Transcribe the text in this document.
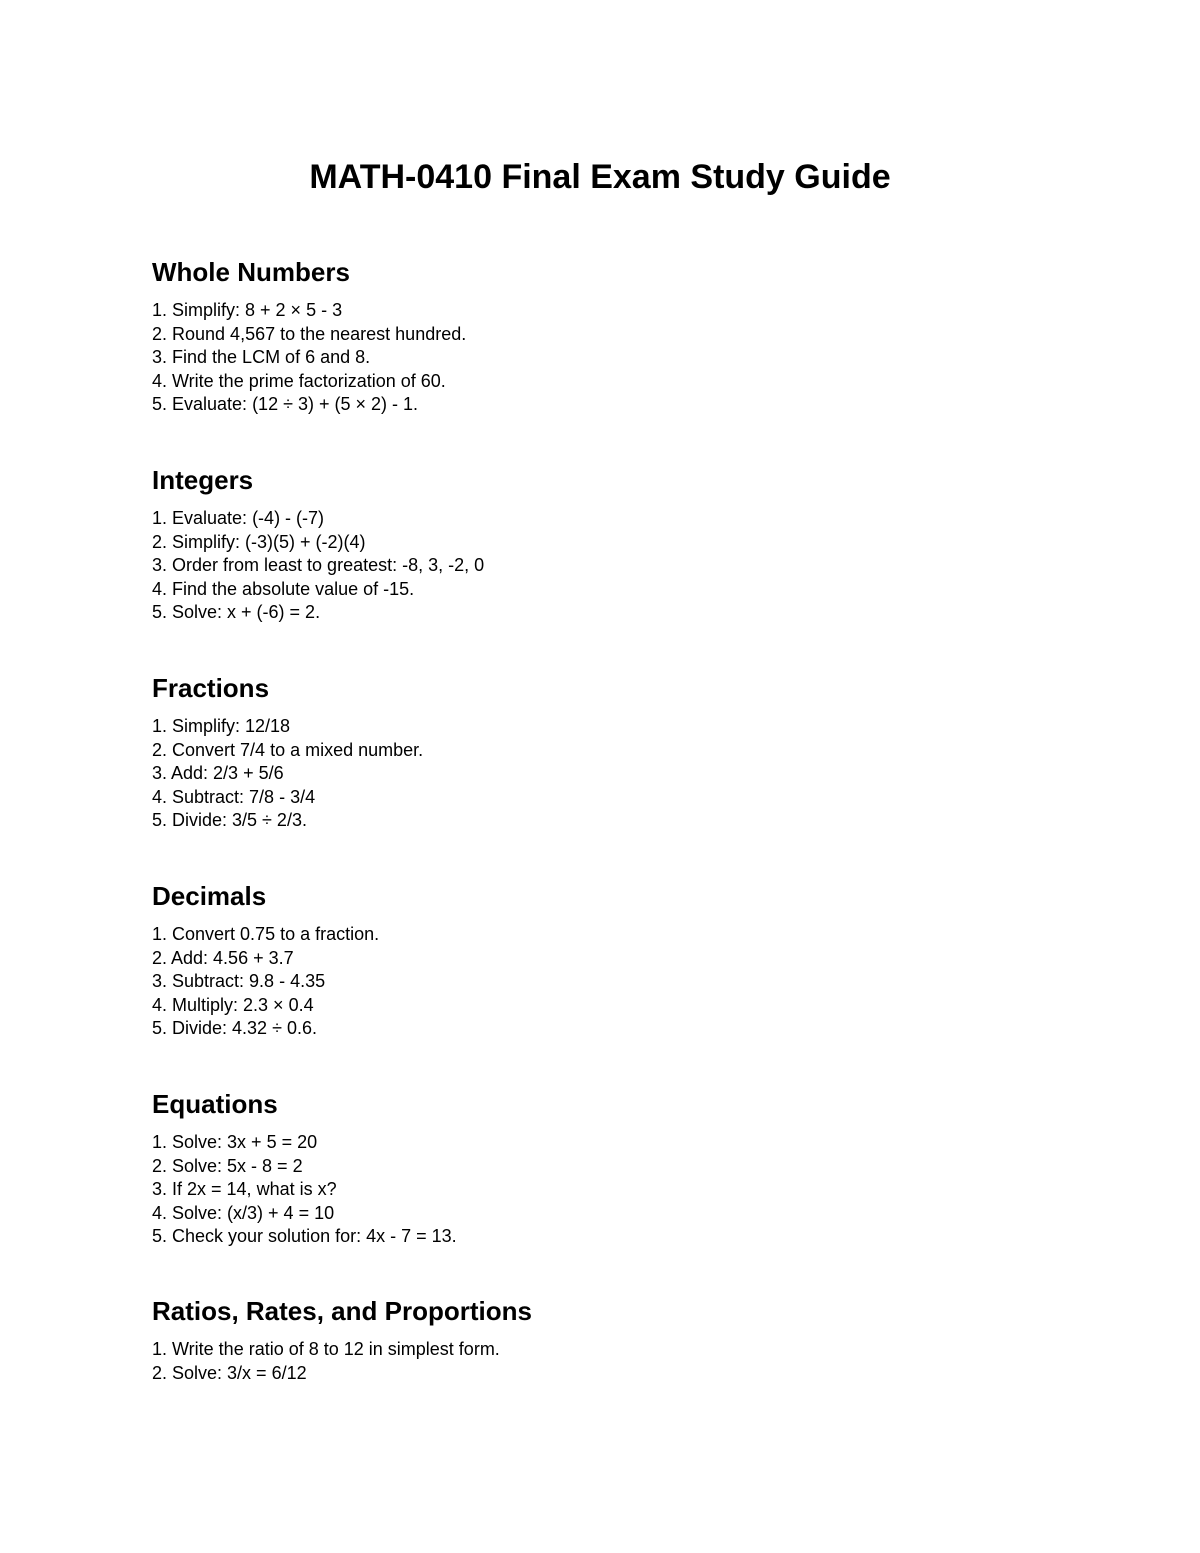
MATH-0410 Final Exam Study Guide
Whole Numbers
1. Simplify: 8 + 2 × 5 - 3
2. Round 4,567 to the nearest hundred.
3. Find the LCM of 6 and 8.
4. Write the prime factorization of 60.
5. Evaluate: (12 ÷ 3) + (5 × 2) - 1.
Integers
1. Evaluate: (-4) - (-7)
2. Simplify: (-3)(5) + (-2)(4)
3. Order from least to greatest: -8, 3, -2, 0
4. Find the absolute value of -15.
5. Solve: x + (-6) = 2.
Fractions
1. Simplify: 12/18
2. Convert 7/4 to a mixed number.
3. Add: 2/3 + 5/6
4. Subtract: 7/8 - 3/4
5. Divide: 3/5 ÷ 2/3.
Decimals
1. Convert 0.75 to a fraction.
2. Add: 4.56 + 3.7
3. Subtract: 9.8 - 4.35
4. Multiply: 2.3 × 0.4
5. Divide: 4.32 ÷ 0.6.
Equations
1. Solve: 3x + 5 = 20
2. Solve: 5x - 8 = 2
3. If 2x = 14, what is x?
4. Solve: (x/3) + 4 = 10
5. Check your solution for: 4x - 7 = 13.
Ratios, Rates, and Proportions
1. Write the ratio of 8 to 12 in simplest form.
2. Solve: 3/x = 6/12
